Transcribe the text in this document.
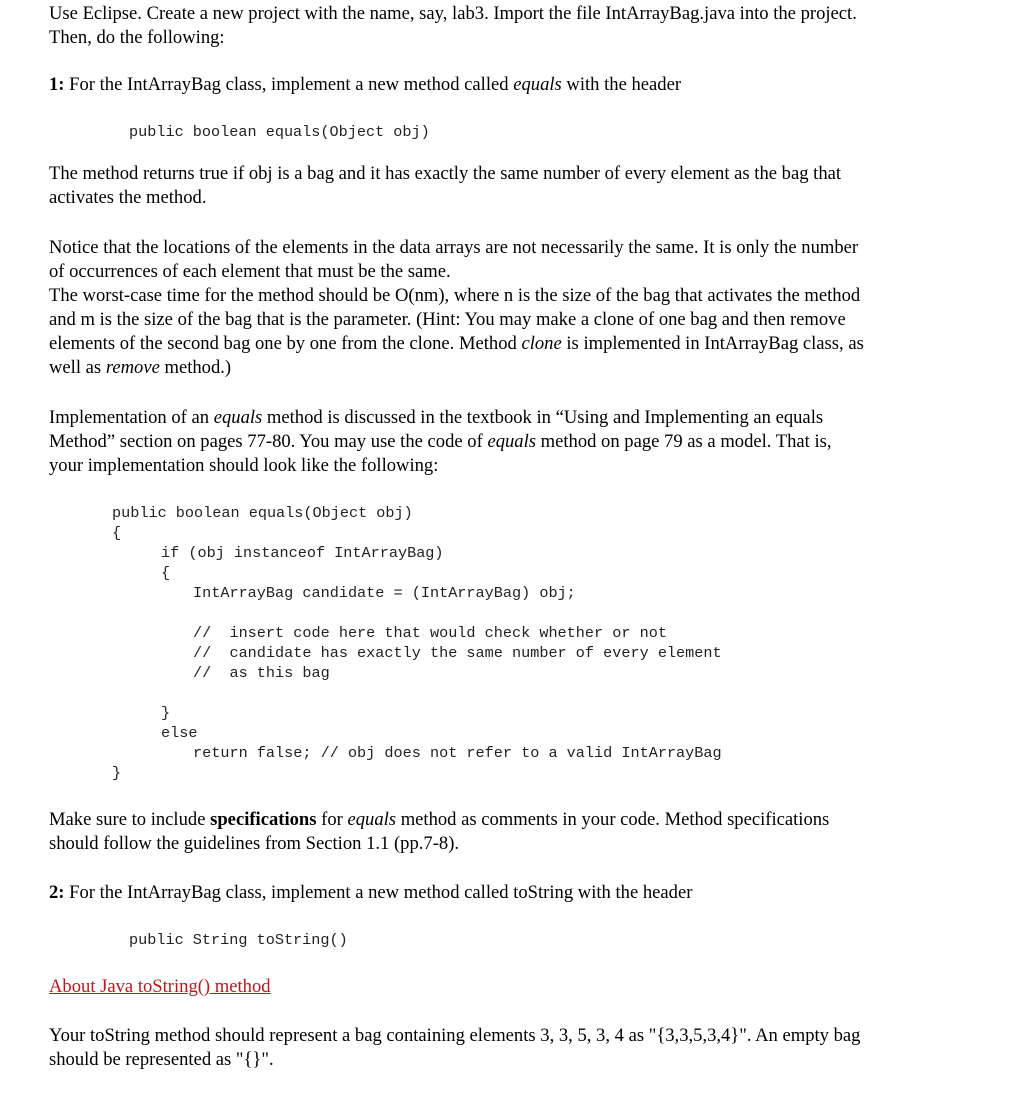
Use Eclipse. Create a new project with the name, say, lab3. Import the file IntArrayBag.java into the project.
Then, do the following:
1: For the IntArrayBag class, implement a new method called equals with the header
public boolean equals(Object obj)
The method returns true if obj is a bag and it has exactly the same number of every element as the bag that
activates the method.
Notice that the locations of the elements in the data arrays are not necessarily the same. It is only the number
of occurrences of each element that must be the same.
The worst-case time for the method should be O(nm), where n is the size of the bag that activates the method
and m is the size of the bag that is the parameter. (Hint: You may make a clone of one bag and then remove
elements of the second bag one by one from the clone. Method clone is implemented in IntArrayBag class, as
well as remove method.)
Implementation of an equals method is discussed in the textbook in “Using and Implementing an equals
Method” section on pages 77-80. You may use the code of equals method on page 79 as a model. That is,
your implementation should look like the following:
public boolean equals(Object obj)
{
if (obj instanceof IntArrayBag)
{
IntArrayBag candidate = (IntArrayBag) obj;
//  insert code here that would check whether or not
//  candidate has exactly the same number of every element
//  as this bag
}
else
return false; // obj does not refer to a valid IntArrayBag
}
Make sure to include specifications for equals method as comments in your code. Method specifications
should follow the guidelines from Section 1.1 (pp.7-8).
2: For the IntArrayBag class, implement a new method called toString with the header
public String toString()
About Java toString() method
Your toString method should represent a bag containing elements 3, 3, 5, 3, 4 as "{3,3,5,3,4}". An empty bag
should be represented as "{}".
